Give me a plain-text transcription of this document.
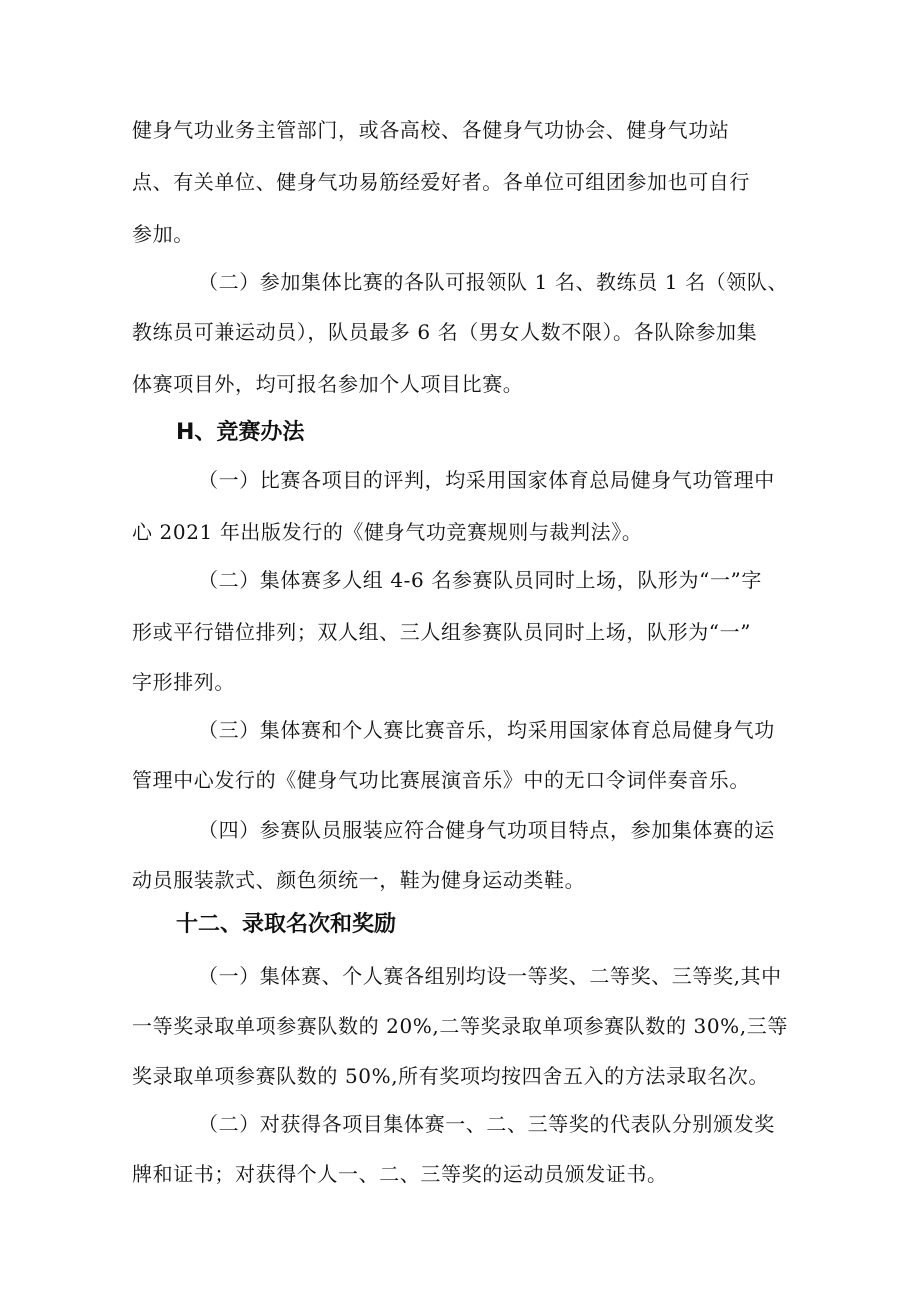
健身气功业务主管部门，或各高校、各健身气功协会、健身气功站
点、有关单位、健身气功易筋经爱好者。各单位可组团参加也可自行
参加。
（二）参加集体比赛的各队可报领队 1 名、教练员 1 名（领队、
教练员可兼运动员），队员最多 6 名（男女人数不限）。各队除参加集
体赛项目外，均可报名参加个人项目比赛。
H、竞赛办法
（一）比赛各项目的评判，均采用国家体育总局健身气功管理中
心 2021 年出版发行的《健身气功竞赛规则与裁判法》。
（二）集体赛多人组 4-6 名参赛队员同时上场，队形为“一”字
形或平行错位排列；双人组、三人组参赛队员同时上场，队形为“一”
字形排列。
（三）集体赛和个人赛比赛音乐，均采用国家体育总局健身气功
管理中心发行的《健身气功比赛展演音乐》中的无口令词伴奏音乐。
（四）参赛队员服装应符合健身气功项目特点，参加集体赛的运
动员服装款式、颜色须统一，鞋为健身运动类鞋。
十二、录取名次和奖励
（一）集体赛、个人赛各组别均设一等奖、二等奖、三等奖,其中
一等奖录取单项参赛队数的 20%,二等奖录取单项参赛队数的 30%,三等
奖录取单项参赛队数的 50%,所有奖项均按四舍五入的方法录取名次。
（二）对获得各项目集体赛一、二、三等奖的代表队分别颁发奖
牌和证书；对获得个人一、二、三等奖的运动员颁发证书。
